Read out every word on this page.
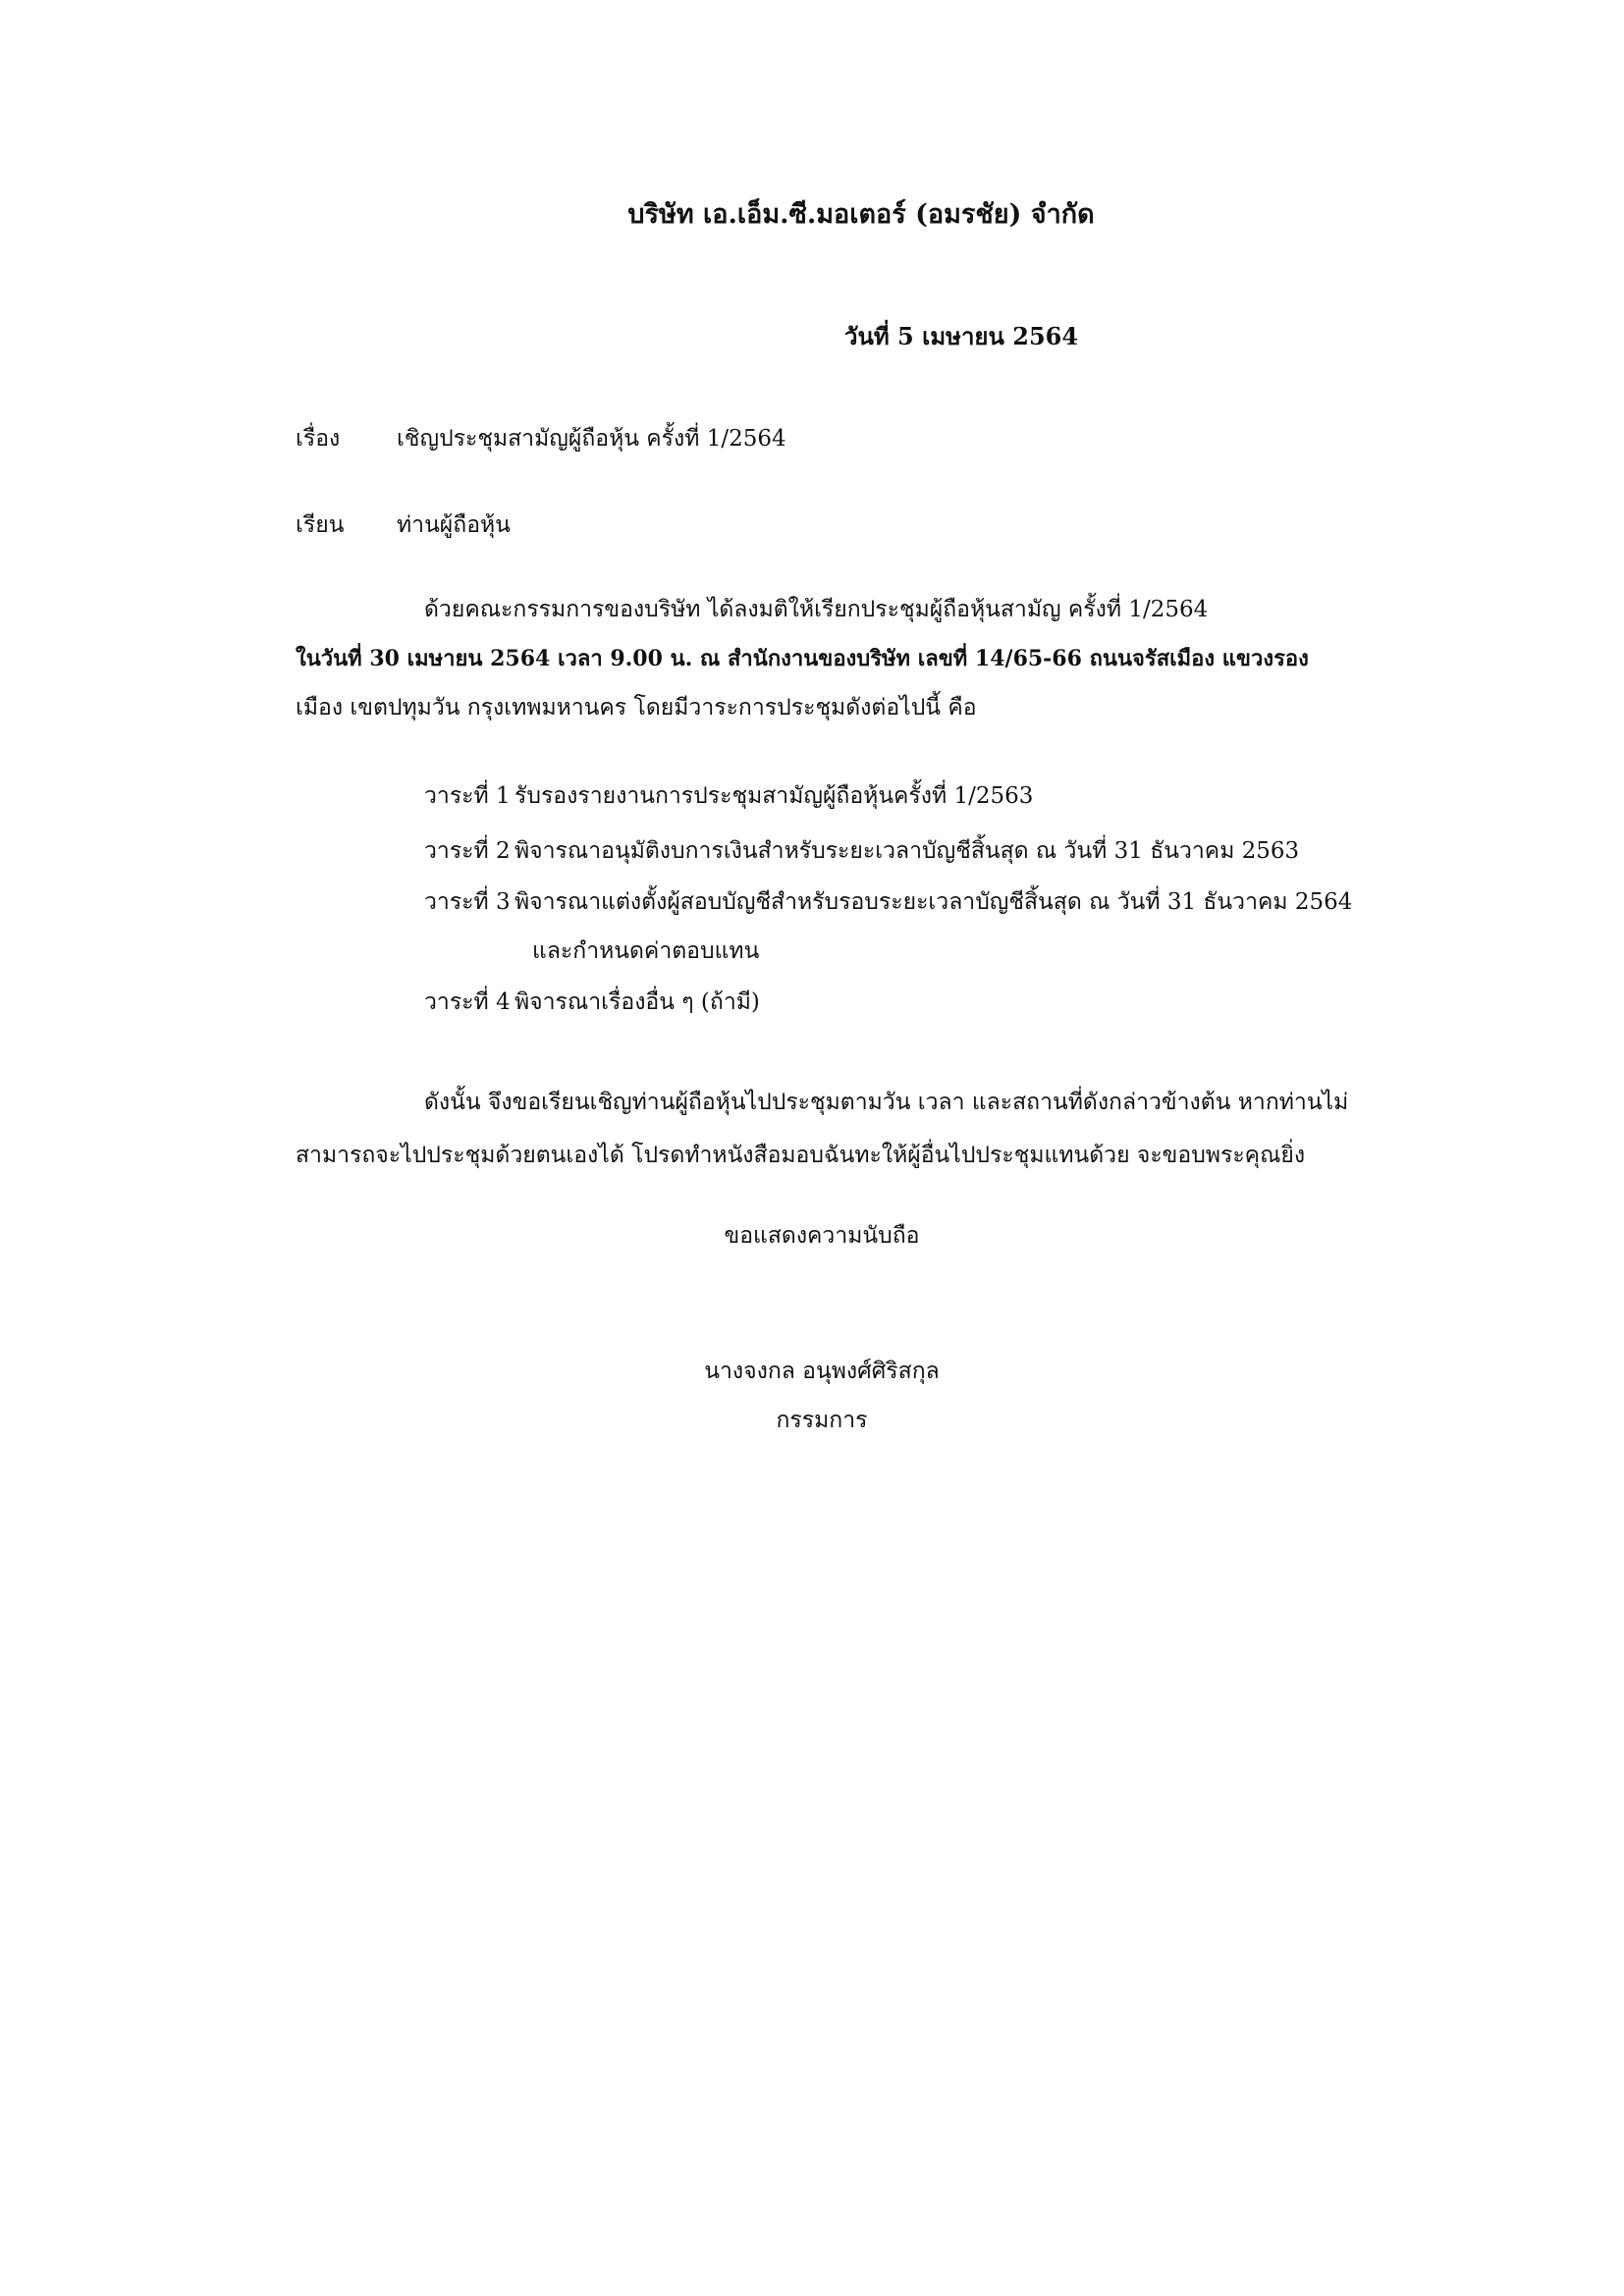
บริษัท เอ.เอ็ม.ซี.มอเตอร์ (อมรชัย) จำกัด
วันที่ 5 เมษายน 2564
เรื่อง	เชิญประชุมสามัญผู้ถือหุ้น ครั้งที่ 1/2564
เรียน ท่านผู้ถือหุ้น
ด้วยคณะกรรมการของบริษัท ได้ลงมติให้เรียกประชุมผู้ถือหุ้นสามัญ ครั้งที่ 1/2564
ในวันที่ 30 เมษายน 2564 เวลา 9.00 น. ณ สำนักงานของบริษัท เลขที่ 14/65-66 ถนนจรัสเมือง แขวงรอง
เมือง เขตปทุมวัน กรุงเทพมหานคร โดยมีวาระการประชุมดังต่อไปนี้ คือ
วาระที่ 1 รับรองรายงานการประชุมสามัญผู้ถือหุ้นครั้งที่ 1/2563
วาระที่ 2 พิจารณาอนุมัติงบการเงินสำหรับระยะเวลาบัญชีสิ้นสุด ณ วันที่ 31 ธันวาคม 2563
วาระที่ 3 พิจารณาแต่งตั้งผู้สอบบัญชีสำหรับรอบระยะเวลาบัญชีสิ้นสุด ณ วันที่ 31 ธันวาคม 2564
และกำหนดค่าตอบแทน
วาระที่ 4 พิจารณาเรื่องอื่น ๆ (ถ้ามี)
ดังนั้น จึงขอเรียนเชิญท่านผู้ถือหุ้นไปประชุมตามวัน เวลา และสถานที่ดังกล่าวข้างต้น หากท่านไม่
สามารถจะไปประชุมด้วยตนเองได้ โปรดทำหนังสือมอบฉันทะให้ผู้อื่นไปประชุมแทนด้วย จะขอบพระคุณยิ่ง
ขอแสดงความนับถือ
นางจงกล อนุพงศ์ศิริสกุล
กรรมการ
